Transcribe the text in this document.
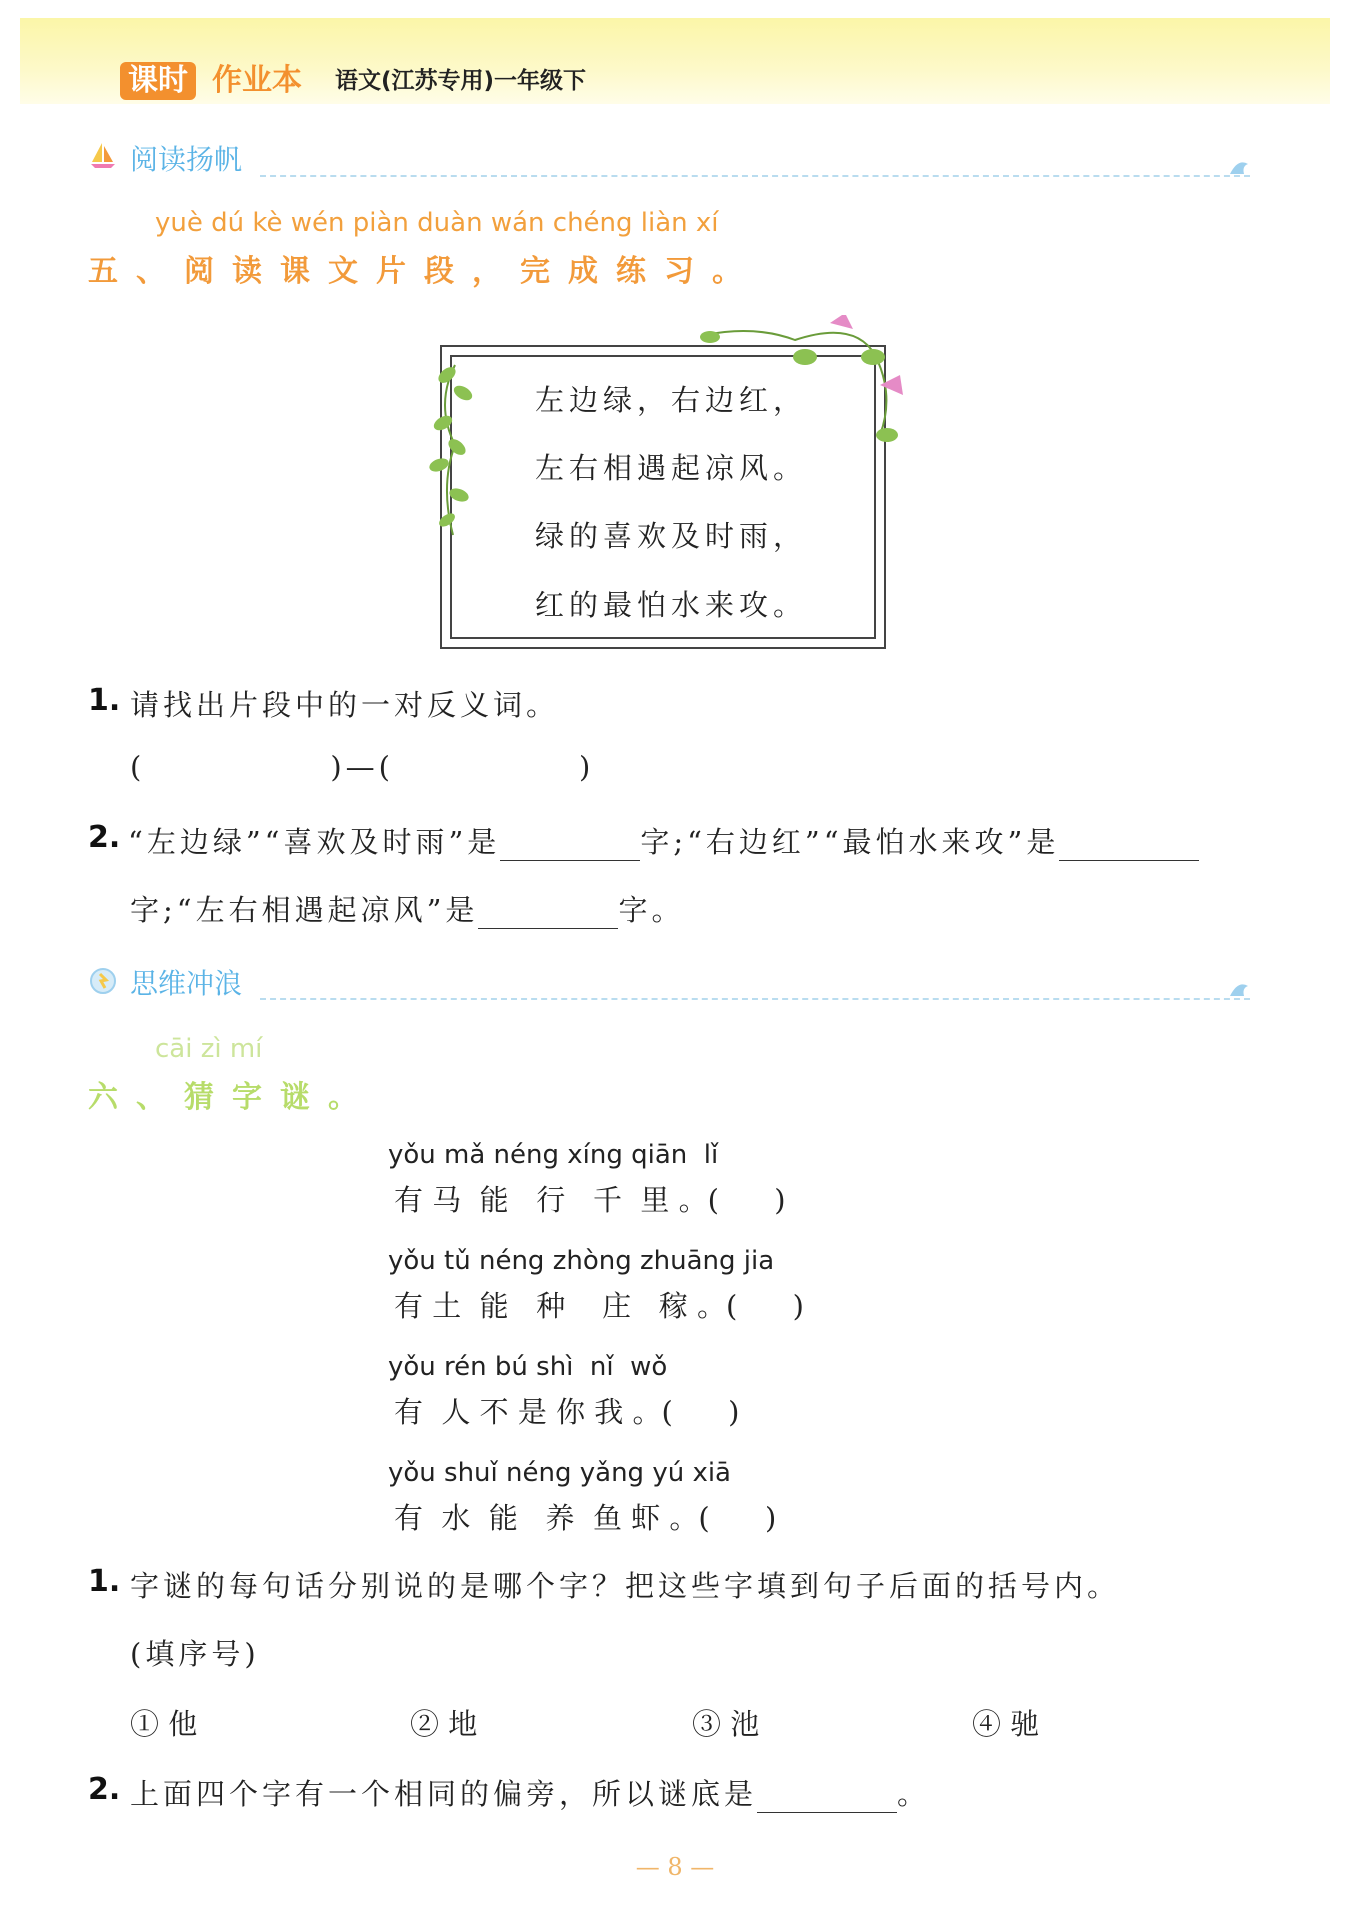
课时 作业本 语文(江苏专用)一年级下
阅读扬帆
yuè dú kè wén piàn duàn wán chéng liàn xí
五、阅读课文片段，完成练习。
左边绿，右边红，
左右相遇起凉风。
绿的喜欢及时雨，
红的最怕水来攻。
1. 请找出片段中的一对反义词。
(              )—(              )
2. “左边绿”“喜欢及时雨”是	字;“右边红”“最怕水来攻”是
字;“左右相遇起凉风”是	字。
思维冲浪
cāi zì mí
六、猜字谜。
yǒu mǎ néng xíng qiān  lǐ
有 马  能   行   千  里 。(      )
yǒu tǔ néng zhòng zhuāng jia
有 土  能   种    庄   稼 。(      )
yǒu rén bú shì  nǐ  wǒ
有  人 不 是 你 我 。(      )
yǒu shuǐ néng yǎng yú xiā
有  水  能   养  鱼 虾 。(      )
1. 字谜的每句话分别说的是哪个字？把这些字填到句子后面的括号内。
(填序号)
① 他	② 地	③ 池	④ 驰
2. 上面四个字有一个相同的偏旁，所以谜底是	。
— 8 —
